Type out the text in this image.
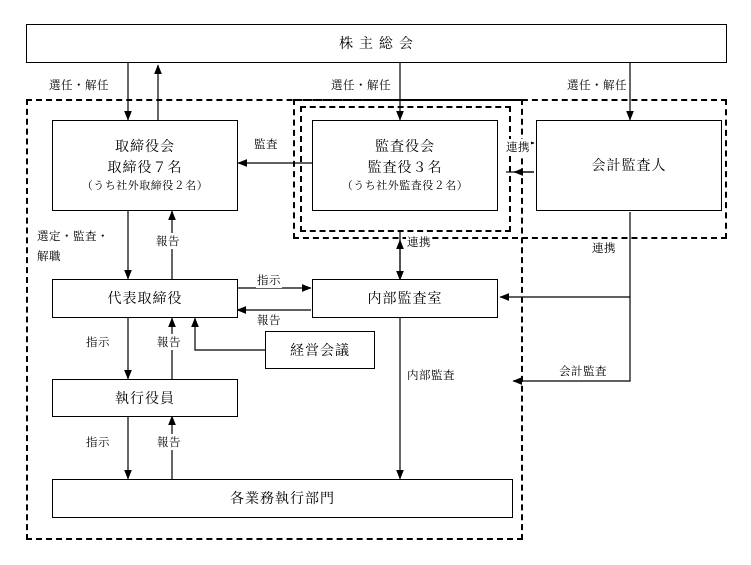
株 主 総 会
取締役会
取締役７名
（うち社外取締役２名）
監査役会
監査役３名
（うち社外監査役２名）
会計監査人
代表取締役	内部監査室
経営会議
執行役員
各業務執行部門
選任・解任	選任・解任	選任・解任
監査	連携
選定・監査・
解職
報告	連携
指示
報告
連携
会計監査
指示	報告
内部監査
指示	報告
